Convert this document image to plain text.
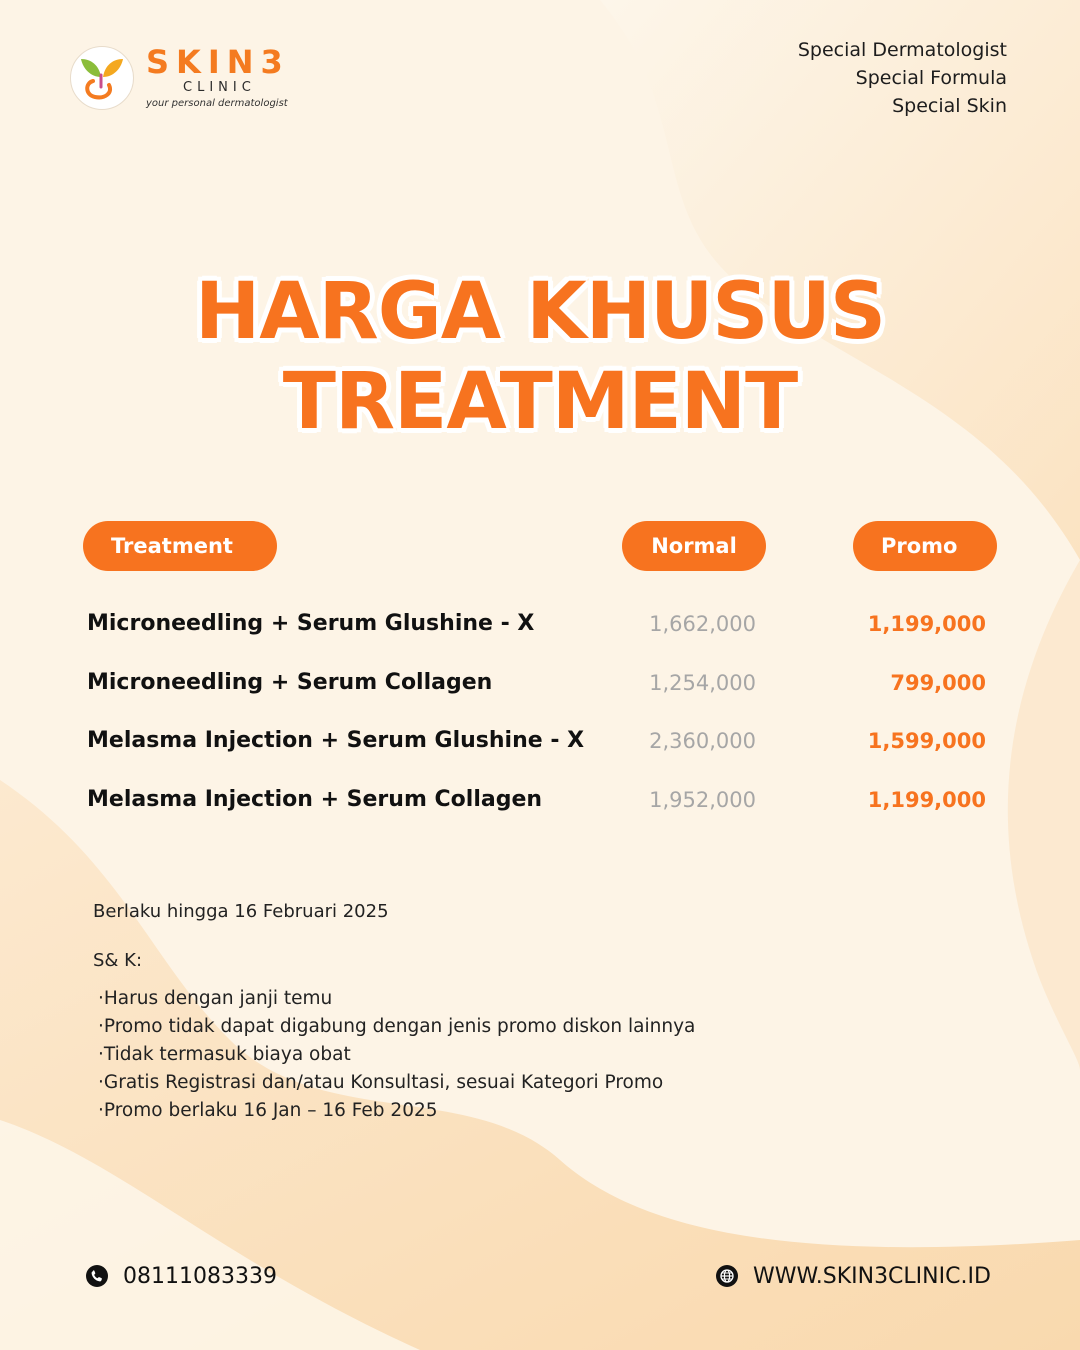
SKIN3
CLINIC
your personal dermatologist
Special Dermatologist
Special Formula
Special Skin
HARGA KHUSUS
TREATMENT
Treatment	Normal	Promo
Microneedling + Serum Glushine - X	1,662,000	1,199,000
Microneedling + Serum Collagen	1,254,000	799,000
Melasma Injection + Serum Glushine - X	2,360,000	1,599,000
Melasma Injection + Serum Collagen	1,952,000	1,199,000
Berlaku hingga 16 Februari 2025
S& K:
· Harus dengan janji temu
· Promo tidak dapat digabung dengan jenis promo diskon lainnya
· Tidak termasuk biaya obat
· Gratis Registrasi dan/atau Konsultasi, sesuai Kategori Promo
· Promo berlaku 16 Jan – 16 Feb 2025
08111083339	WWW.SKIN3CLINIC.ID
